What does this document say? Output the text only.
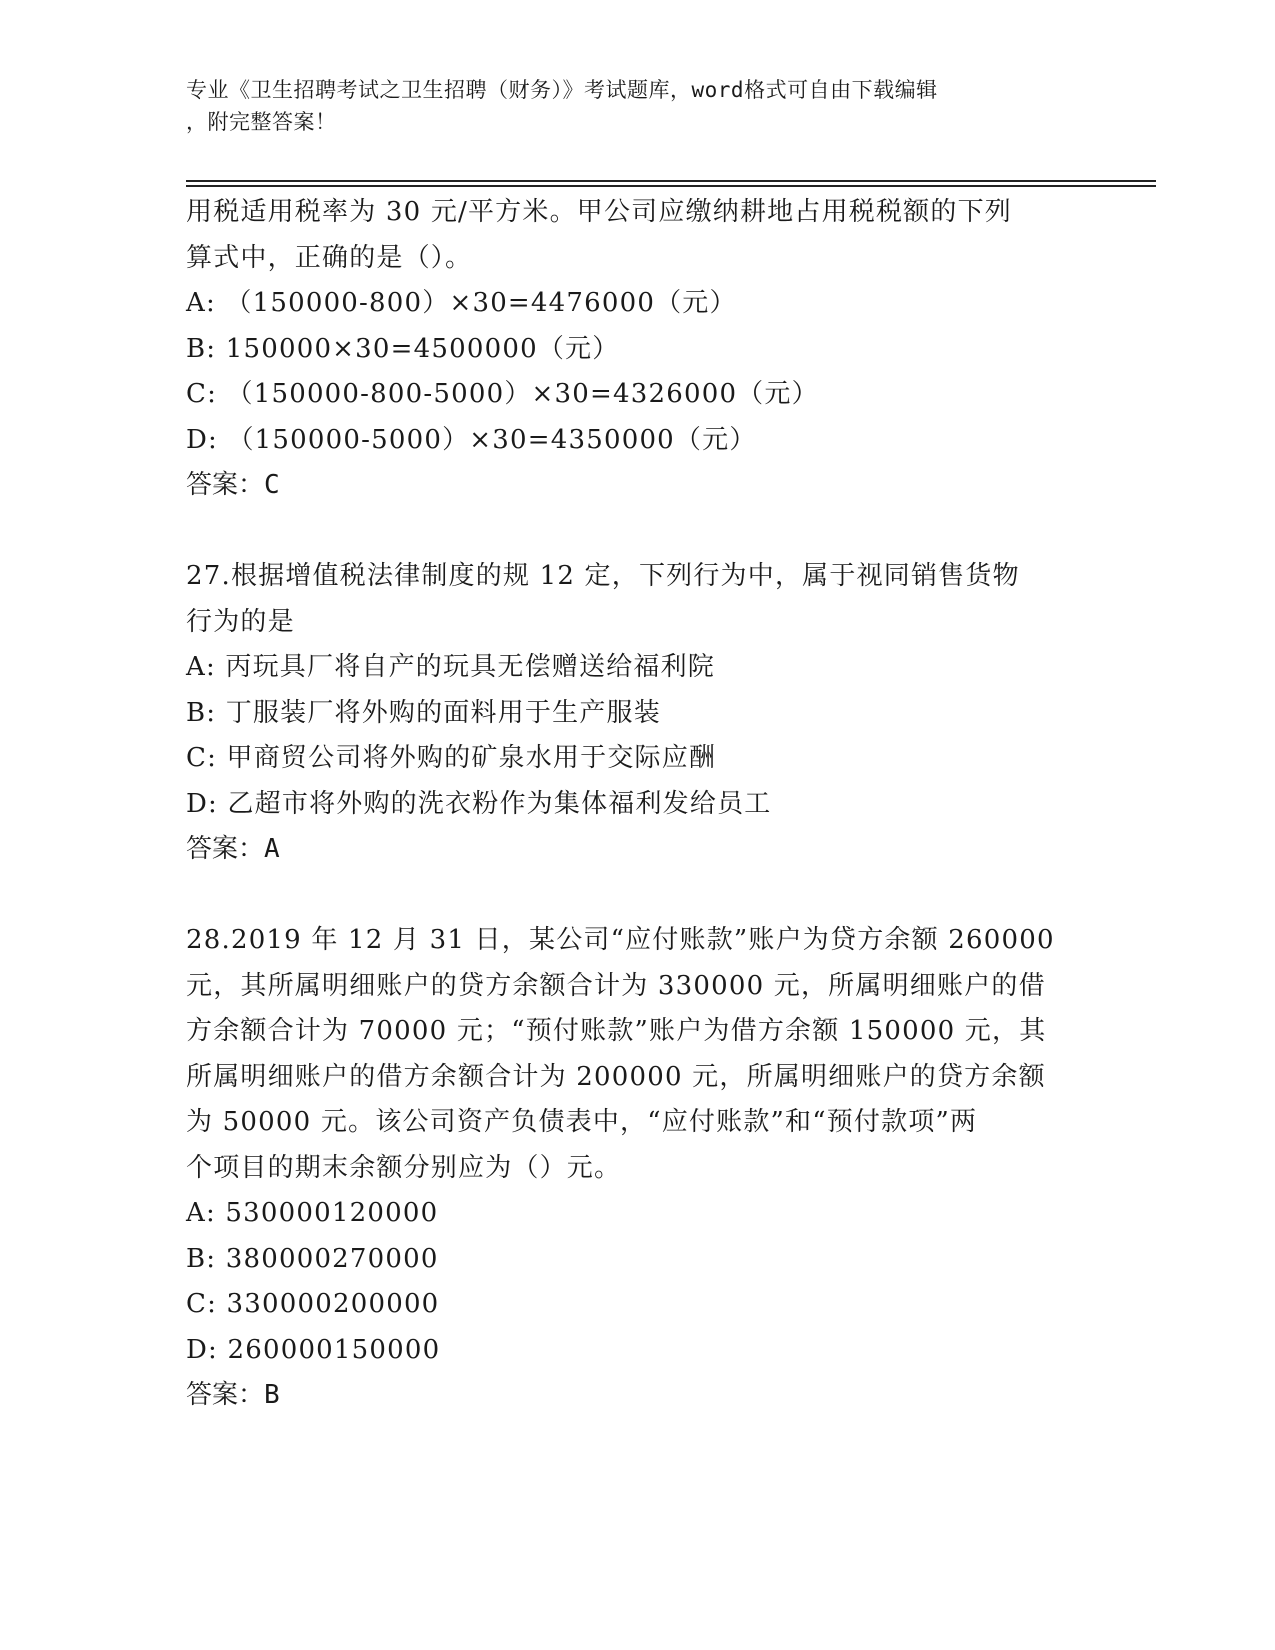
专业《卫生招聘考试之卫生招聘（财务）》考试题库，word格式可自由下载编辑
，附完整答案！
用税适用税率为 30 元/平方米。甲公司应缴纳耕地占用税税额的下列
算式中，正确的是（）。
A: （150000-800）×30=4476000（元）
B: 150000×30=4500000（元）
C: （150000-800-5000）×30=4326000（元）
D: （150000-5000）×30=4350000（元）
答案：C
27.根据增值税法律制度的规 12 定，下列行为中，属于视同销售货物
行为的是
A: 丙玩具厂将自产的玩具无偿赠送给福利院
B: 丁服装厂将外购的面料用于生产服装
C: 甲商贸公司将外购的矿泉水用于交际应酬
D: 乙超市将外购的洗衣粉作为集体福利发给员工
答案：A
28.2019 年 12 月 31 日，某公司“应付账款”账户为贷方余额 260000
元，其所属明细账户的贷方余额合计为 330000 元，所属明细账户的借
方余额合计为 70000 元；“预付账款”账户为借方余额 150000 元，其
所属明细账户的借方余额合计为 200000 元，所属明细账户的贷方余额
为 50000 元。该公司资产负债表中，“应付账款”和“预付款项”两
个项目的期末余额分别应为（）元。
A: 530000120000
B: 380000270000
C: 330000200000
D: 260000150000
答案：B
